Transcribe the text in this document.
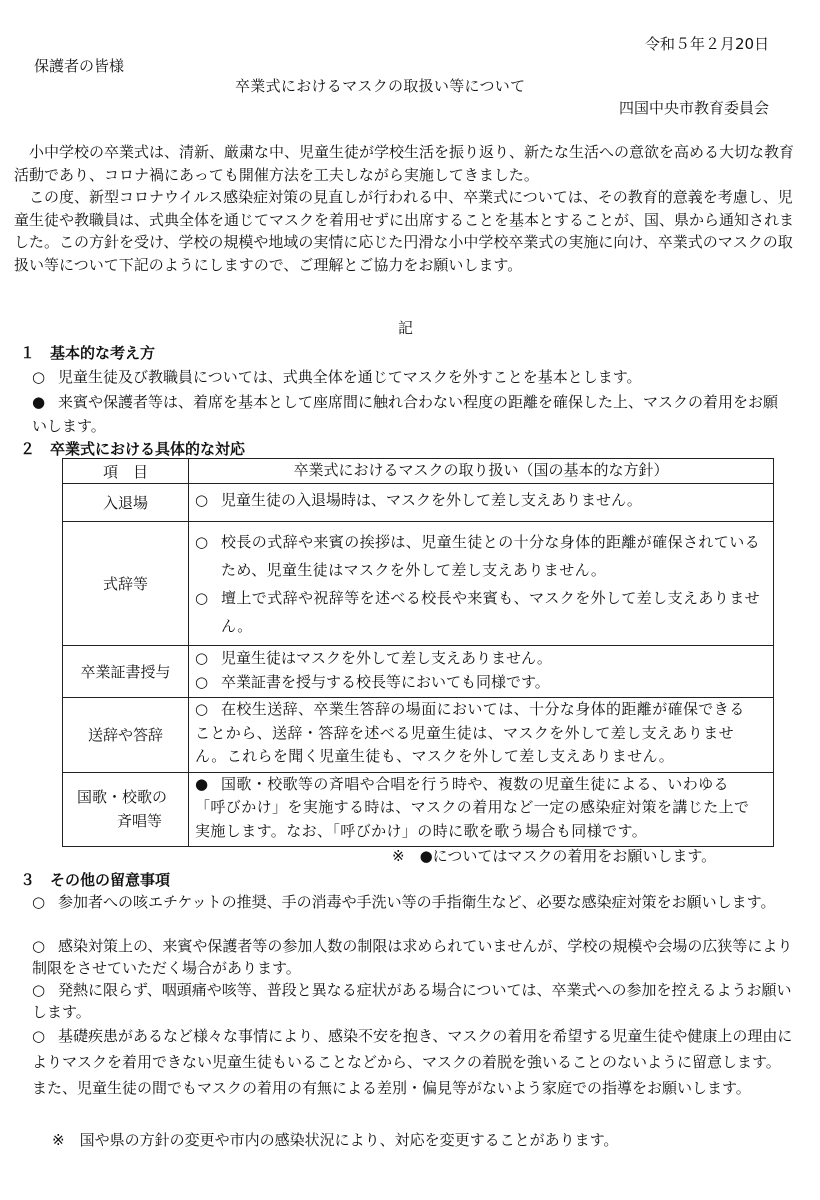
令和５年２月20日
保護者の皆様
卒業式におけるマスクの取扱い等について
四国中央市教育委員会
　小中学校の卒業式は、清新、厳粛な中、児童生徒が学校生活を振り返り、新たな生活への意欲を高める大切な教育活動であり、コロナ禍にあっても開催方法を工夫しながら実施してきました。
　この度、新型コロナウイルス感染症対策の見直しが行われる中、卒業式については、その教育的意義を考慮し、児童生徒や教職員は、式典全体を通じてマスクを着用せずに出席することを基本とすることが、国、県から通知されました。この方針を受け、学校の規模や地域の実情に応じた円滑な小中学校卒業式の実施に向け、卒業式のマスクの取扱い等について下記のようにしますので、ご理解とご協力をお願いします。
記
１　基本的な考え方
○ 児童生徒及び教職員については、式典全体を通じてマスクを外すことを基本とします。
● 来賓や保護者等は、着席を基本として座席間に触れ合わない程度の距離を確保した上、マスクの着用をお願いします。
２　卒業式における具体的な対応
項　目	卒業式におけるマスクの取り扱い（国の基本的な方針）

入退場	○ 児童生徒の入退場時は、マスクを外して差し支えありません。

式辞等	○ 校長の式辞や来賓の挨拶は、児童生徒との十分な身体的距離が確保されているため、児童生徒はマスクを外して差し支えありません。
○ 壇上で式辞や祝辞等を述べる校長や来賓も、マスクを外して差し支えありません。

卒業証書授与	○ 児童生徒はマスクを外して差し支えありません。
○ 卒業証書を授与する校長等においても同様です。

送辞や答辞	○ 在校生送辞、卒業生答辞の場面においては、十分な身体的距離が確保できることから、送辞・答辞を述べる児童生徒は、マスクを外して差し支えありません。これらを聞く児童生徒も、マスクを外して差し支えありません。

国歌・校歌の
斉唱等	● 国歌・校歌等の斉唱や合唱を行う時や、複数の児童生徒による、いわゆる「呼びかけ」を実施する時は、マスクの着用など一定の感染症対策を講じた上で実施します。なお、「呼びかけ」の時に歌を歌う場合も同様です。
※　●についてはマスクの着用をお願いします。
３　その他の留意事項
○ 参加者への咳エチケットの推奨、手の消毒や手洗い等の手指衛生など、必要な感染症対策をお願いします。
○ 感染対策上の、来賓や保護者等の参加人数の制限は求められていませんが、学校の規模や会場の広狭等により制限をさせていただく場合があります。
○ 発熱に限らず、咽頭痛や咳等、普段と異なる症状がある場合については、卒業式への参加を控えるようお願いします。
○ 基礎疾患があるなど様々な事情により、感染不安を抱き、マスクの着用を希望する児童生徒や健康上の理由によりマスクを着用できない児童生徒もいることなどから、マスクの着脱を強いることのないように留意します。また、児童生徒の間でもマスクの着用の有無による差別・偏見等がないよう家庭での指導をお願いします。
※　国や県の方針の変更や市内の感染状況により、対応を変更することがあります。
